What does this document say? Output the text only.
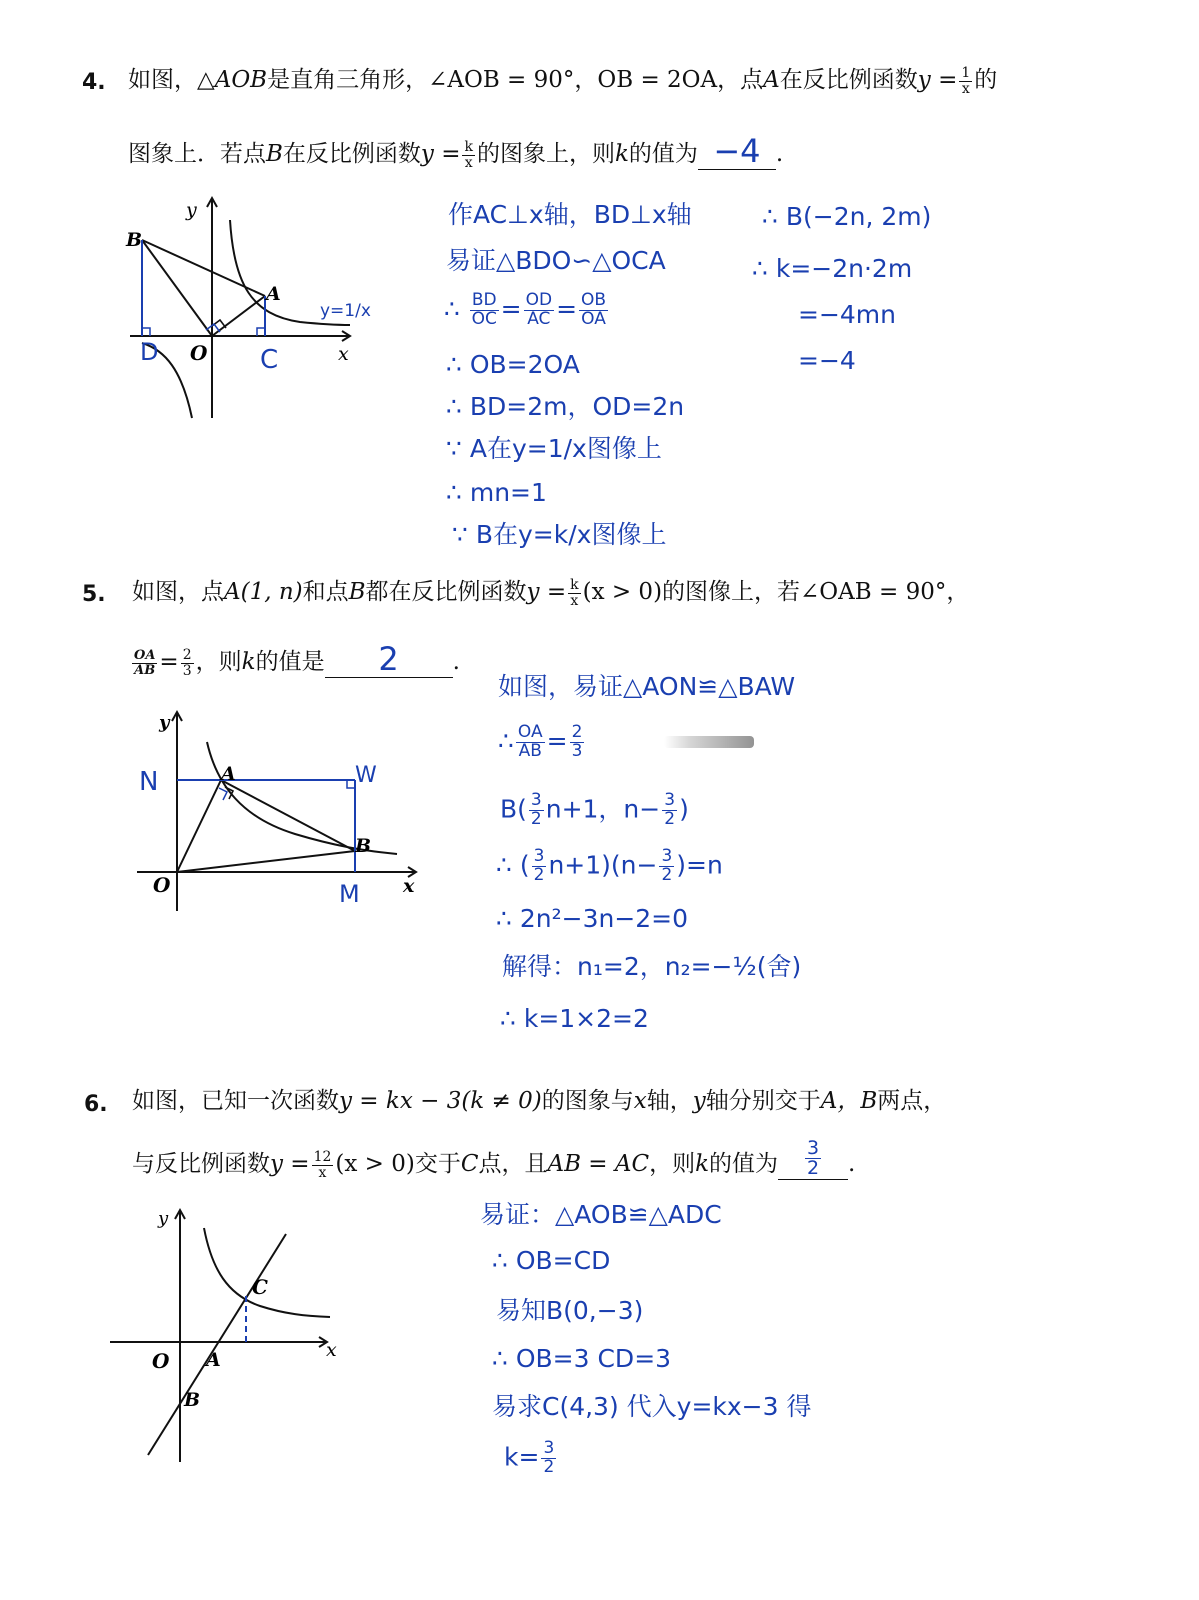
4. 如图，△AOB是直角三角形，∠AOB = 90°，OB = 2OA，点A在反比例函数$y = \frac{1}{x}$ 的
图象上．若点B在反比例函数$y = \frac{k}{x}$ 的图象上，则k的值为 −4 .
y
x
O
A
B
C
D
y=1/x
作AC⊥x轴，BD⊥x轴
易证△BDO∽△OCA
∴ $\frac{BD}{OC} = \frac{OD}{AC} = \frac{OB}{OA}$
∴ OB=2OA
∴ BD=2m，OD=2n
∵ A在y=1/x图像上
∴ mn=1
∵ B在y=k/x图像上
∴ B(−2n, 2m)
∴ k=−2n·2m
=−4mn
=−4
5. 如图，点A(1, n)和点B都在反比例函数$y = \frac{k}{x} (x > 0)$的图像上，若∠OAB = 90°，
$\frac{OA}{AB} = \frac{2}{3}$ ，则k的值是	2	.
y
x
O
A
B
N	W
M
如图，易证△AON≌△BAW
∴ $\frac{OA}{AB} = \frac{2}{3}$
$B( \frac{3}{2} n+1$，$n- \frac{3}{2}$ )
∴ ( $\frac{3}{2} n+1)(n- \frac{3}{2} )=n$
∴ 2n²−3n−2=0
解得：n₁=2，n₂=−½(舍)
∴ k=1×2=2
6. 如图，已知一次函数y = kx − 3(k ≠ 0)的图象与x轴，y轴分别交于A，B两点，
与反比例函数$y = \frac{12}{x} (x > 0)$交于C点，且AB = AC，则k的值为 $\frac{3}{2}$ .
y
x
O A
B
C
易证：△AOB≌△ADC
∴ OB=CD
易知B(0,−3)
∴ OB=3 CD=3
易求C(4,3) 代入y=kx−3 得
$k= \frac{3}{2}$
